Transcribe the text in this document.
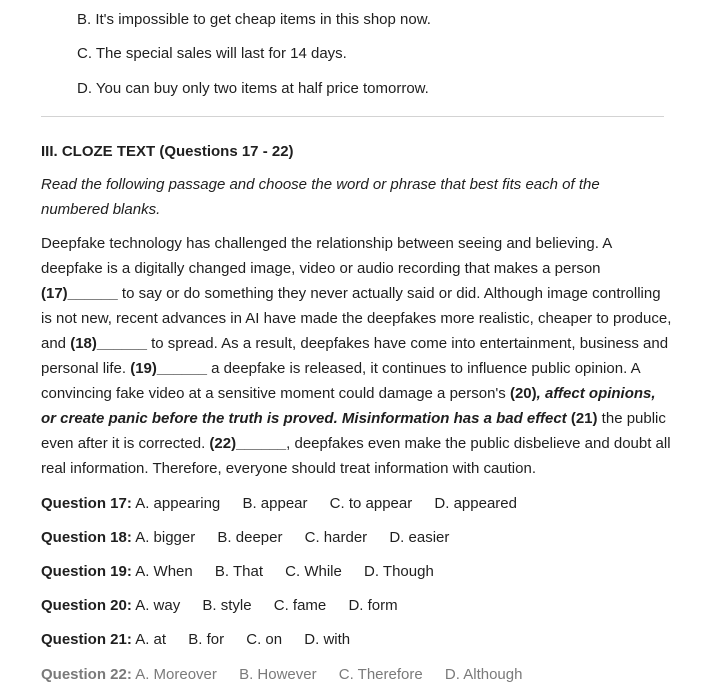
B. It's impossible to get cheap items in this shop now.
C. The special sales will last for 14 days.
D. You can buy only two items at half price tomorrow.
III. CLOZE TEXT (Questions 17 - 22)
Read the following passage and choose the word or phrase that best fits each of the numbered blanks.
Deepfake technology has challenged the relationship between seeing and believing. A
deepfake is a digitally changed image, video or audio recording that makes a person
(17)______ to say or do something they never actually said or did. Although image controlling
is not new, recent advances in AI have made the deepfakes more realistic, cheaper to produce,
and (18)______ to spread. As a result, deepfakes have come into entertainment, business and
personal life. (19)______ a deepfake is released, it continues to influence public opinion. A
convincing fake video at a sensitive moment could damage a person's (20), affect opinions,
or create panic before the truth is proved. Misinformation has a bad effect (21) the public
even after it is corrected. (22)______, deepfakes even make the public disbelieve and doubt all
real information. Therefore, everyone should treat information with caution.
Question 17: A. appearing B. appear C. to appear D. appeared
Question 18: A. bigger B. deeper C. harder D. easier
Question 19: A. When B. That C. While D. Though
Question 20: A. way B. style C. fame D. form
Question 21: A. at B. for C. on D. with
Question 22: A. Moreover B. However C. Therefore D. Although
